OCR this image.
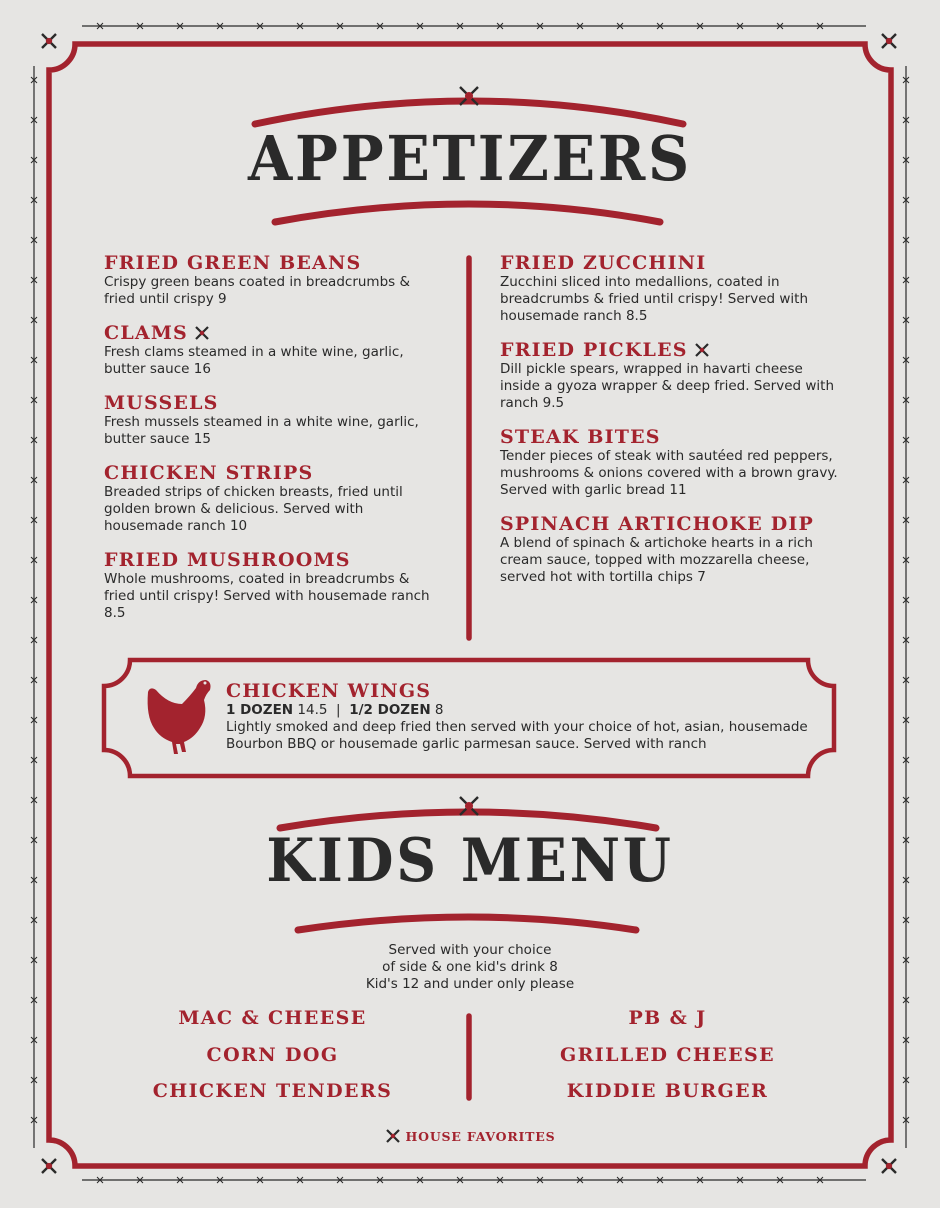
APPETIZERS
FRIED GREEN BEANS
Crispy green beans coated in breadcrumbs & fried until crispy 9
CLAMS
Fresh clams steamed in a white wine, garlic, butter sauce 16
MUSSELS
Fresh mussels steamed in a white wine, garlic, butter sauce 15
CHICKEN STRIPS
Breaded strips of chicken breasts, fried until golden brown & delicious. Served with housemade ranch 10
FRIED MUSHROOMS
Whole mushrooms, coated in breadcrumbs & fried until crispy! Served with housemade ranch 8.5
FRIED ZUCCHINI
Zucchini sliced into medallions, coated in breadcrumbs & fried until crispy! Served with housemade ranch 8.5
FRIED PICKLES
Dill pickle spears, wrapped in havarti cheese inside a gyoza wrapper & deep fried. Served with ranch 9.5
STEAK BITES
Tender pieces of steak with sautéed red peppers, mushrooms & onions covered with a brown gravy. Served with garlic bread 11
SPINACH ARTICHOKE DIP
A blend of spinach & artichoke hearts in a rich cream sauce, topped with mozzarella cheese, served hot with tortilla chips 7
CHICKEN WINGS
1 DOZEN 14.5 | 1/2 DOZEN 8
Lightly smoked and deep fried then served with your choice of hot, asian, housemade Bourbon BBQ or housemade garlic parmesan sauce. Served with ranch
KIDS MENU
Served with your choice
of side & one kid's drink 8
Kid's 12 and under only please
MAC & CHEESE
CORN DOG
CHICKEN TENDERS
PB & J
GRILLED CHEESE
KIDDIE BURGER
HOUSE FAVORITES
